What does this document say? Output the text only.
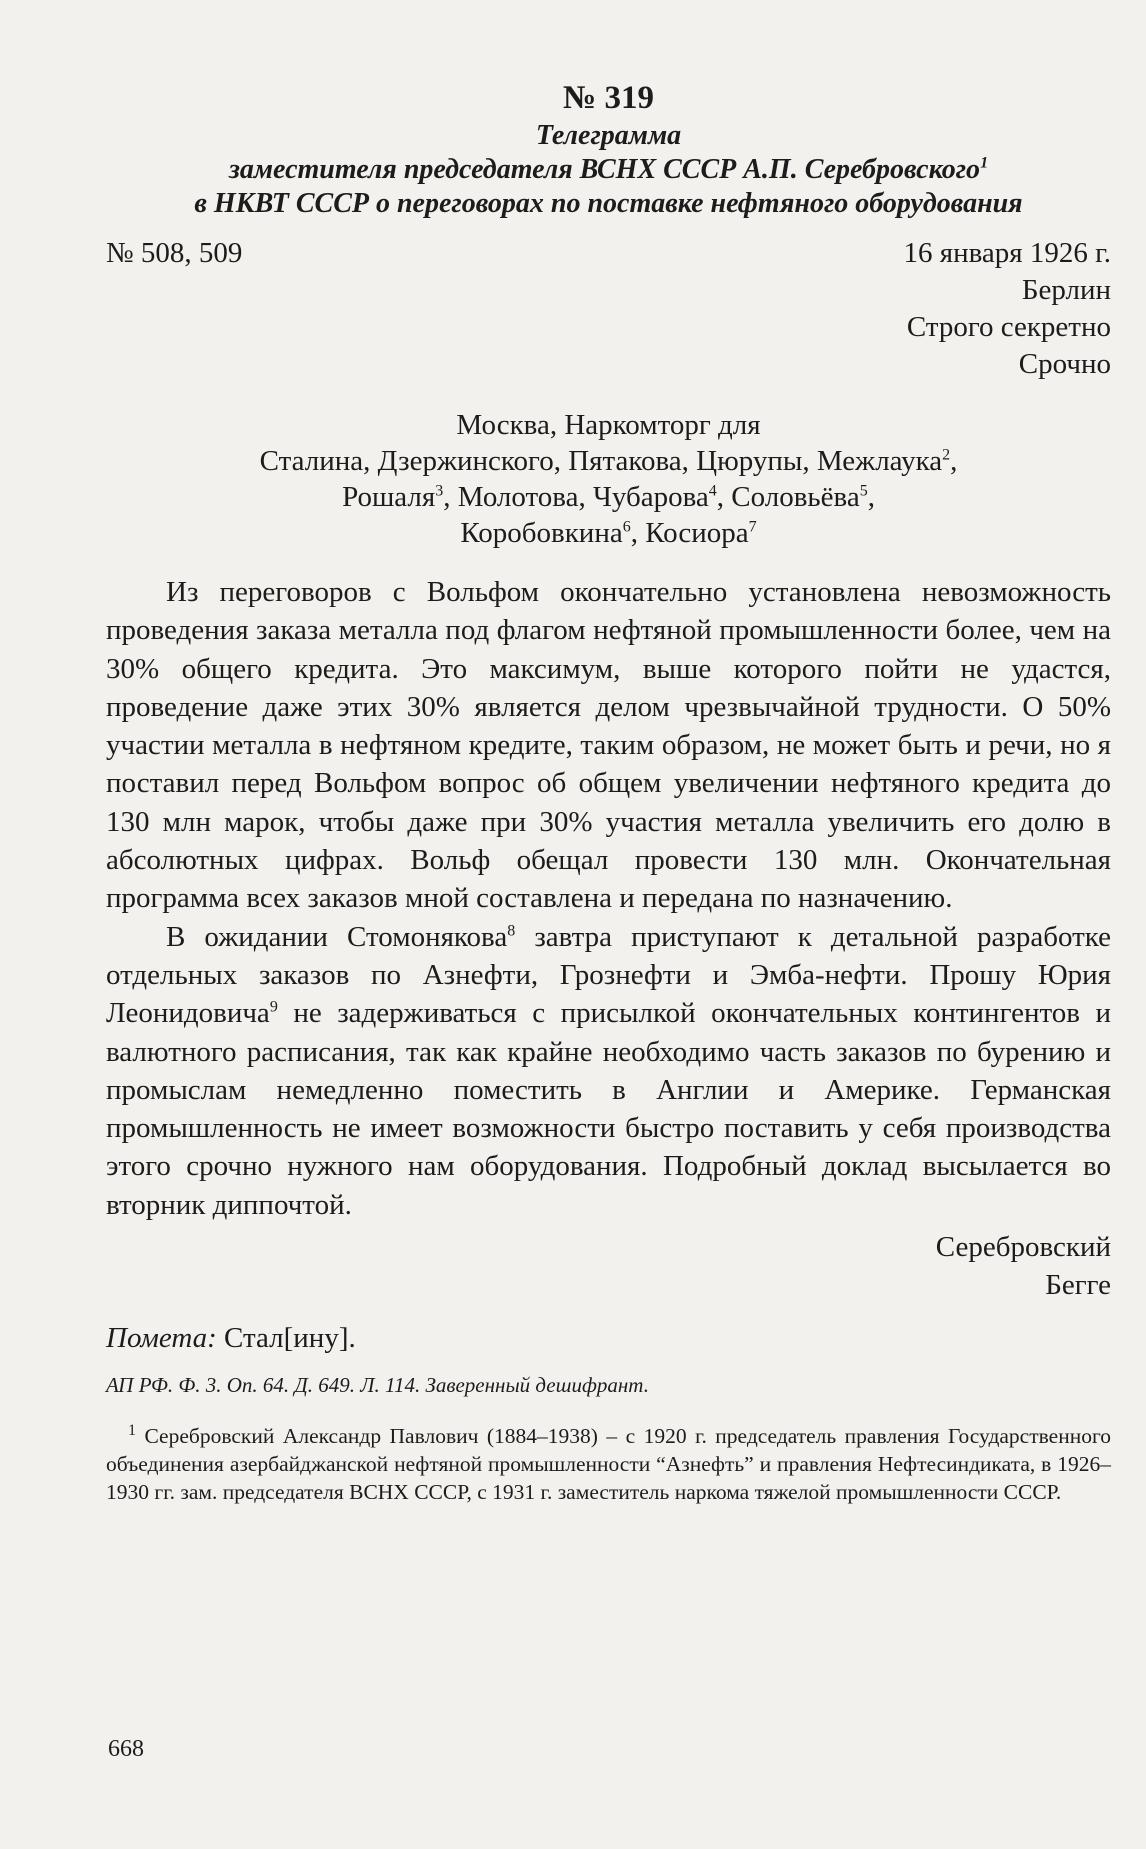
№ 319

Телеграмма

заместителя председателя ВСНХ СССР А.П. Серебровского$^1$

в НКВТ СССР о переговорах по поставке нефтяного оборудования

№ 508, 509	16 января 1926 г.
Берлин
Строго секретно
Срочно
Москва, Наркомторг для
Сталина, Дзержинского, Пятакова, Цюрупы, Межлаука$^2$,
Рошаля$^3$, Молотова, Чубарова$^4$, Соловьёва$^5$,
Коробовкина$^6$, Косиора$^7$

Из переговоров с Вольфом окончательно установлена невозможность проведения заказа металла под флагом нефтяной промышленности более, чем на 30% общего кредита. Это максимум, выше которого пойти не удастся, проведение даже этих 30% является делом чрезвычайной трудности. О 50% участии металла в нефтяном кредите, таким образом, не может быть и речи, но я поставил перед Вольфом вопрос об общем увеличении нефтяного кредита до 130 млн марок, чтобы даже при 30% участия металла увеличить его долю в абсолютных цифрах. Вольф обещал провести 130 млн. Окончательная программа всех заказов мной составлена и передана по назначению.

В ожидании Стомонякова$^8$ завтра приступают к детальной разработке отдельных заказов по Азнефти, Грознефти и Эмба-нефти. Прошу Юрия Леонидовича$^9$ не задерживаться с присылкой окончательных контингентов и валютного расписания, так как крайне необходимо часть заказов по бурению и промыслам немедленно поместить в Англии и Америке. Германская промышленность не имеет возможности быстро поставить у себя производства этого срочно нужного нам оборудования. Подробный доклад высылается во вторник диппочтой.

Серебровский
Бегге
Помета: Стал[ину].
АП РФ. Ф. 3. Оп. 64. Д. 649. Л. 114. Заверенный дешифрант.

$^1$ Серебровский Александр Павлович (1884–1938) – с 1920 г. председатель правления Государственного объединения азербайджанской нефтяной промышленности “Азнефть” и правления Нефтесиндиката, в 1926–1930 гг. зам. председателя ВСНХ СССР, с 1931 г. заместитель наркома тяжелой промышленности СССР.

668
